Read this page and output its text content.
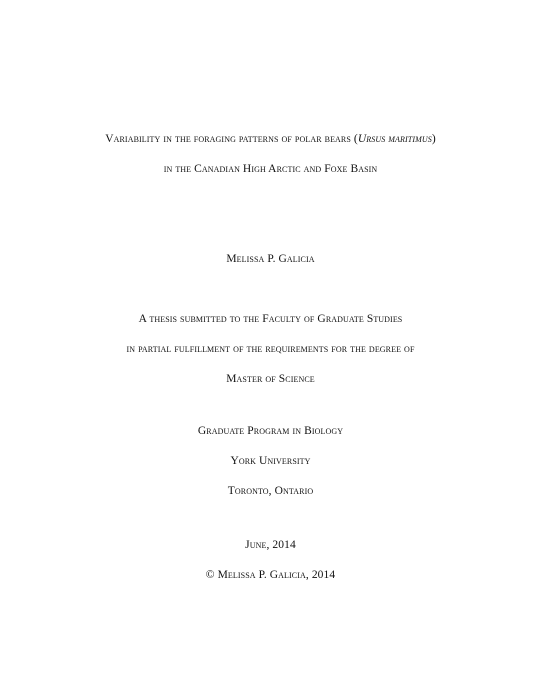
Variability in the foraging patterns of polar bears (Ursus maritimus)
in the Canadian High Arctic and Foxe Basin
Melissa P. Galicia
A thesis submitted to the Faculty of Graduate Studies
in partial fulfillment of the requirements for the degree of
Master of Science
Graduate Program in Biology
York University
Toronto, Ontario
June, 2014
© Melissa P. Galicia, 2014
